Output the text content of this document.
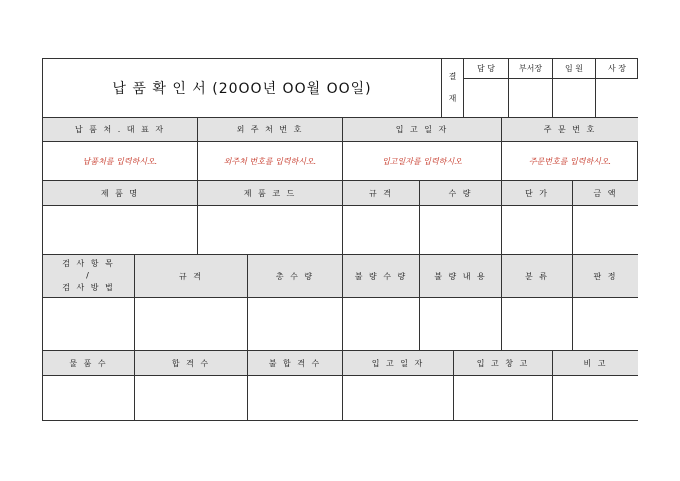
납 품 확 인 서 (20OO년 OO월 OO일)
결
재
담 당	부서장	임 원	사 장
납 품 처 . 대 표 자	외 주 처 번 호	입 고 일 자	주 문 번 호
납품처를 입력하시오.	외주처 번호를 입력하시오.	입고일자를 입력하시오	주문번호를 입력하시오.
제 품 명	제 품 코 드	규 격	수 량	단 가	금 액
검 사 항 목
/
검 사 방 법
규 격	총 수 량	불 량 수 량	불 량 내 용	분 류	판 정
물 품 수	합 격 수	불 합 격 수	입 고 일 자	입 고 창 고	비 고
